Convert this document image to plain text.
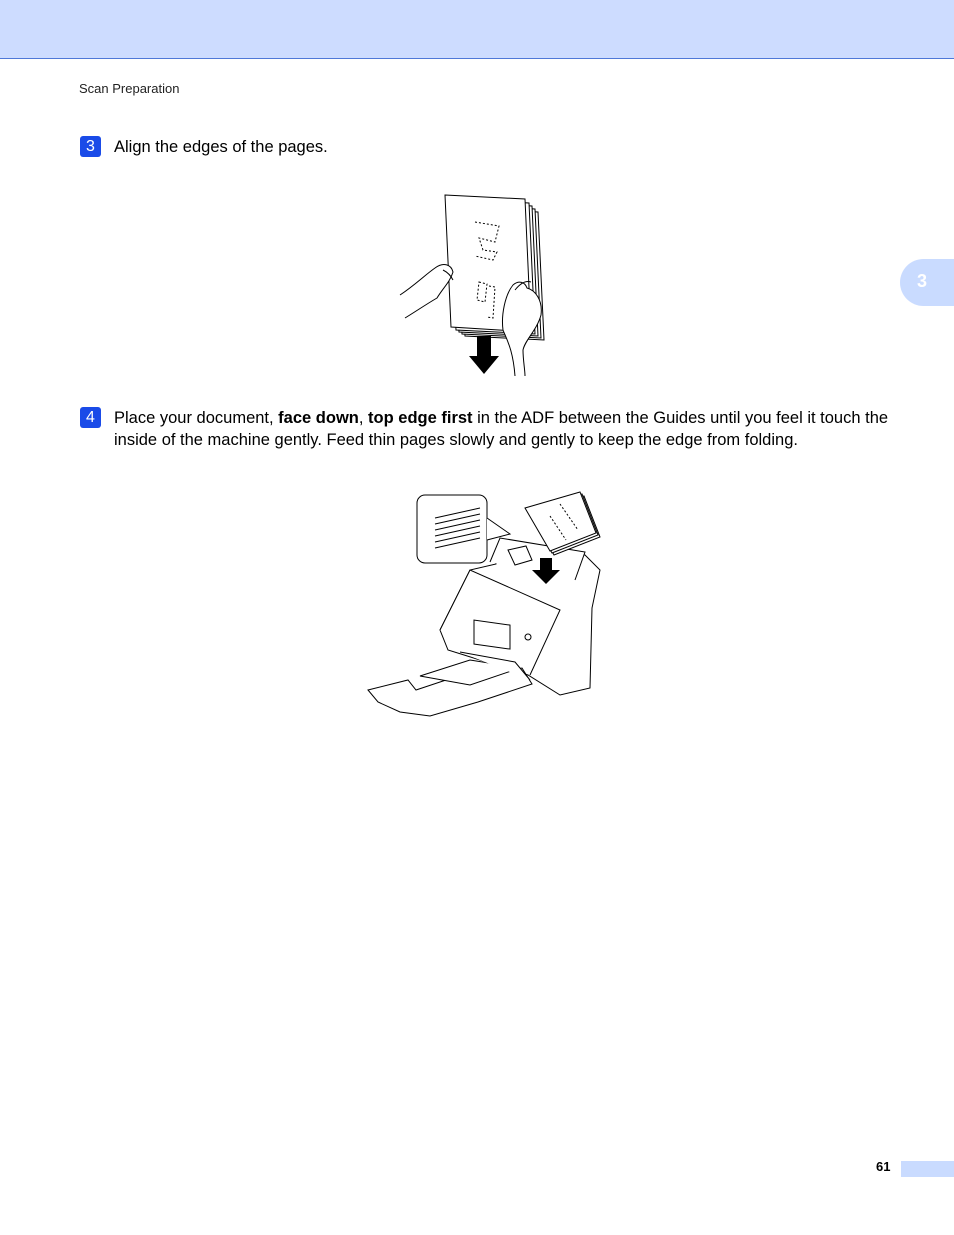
Scan Preparation
3
3	Align the edges of the pages.
4	Place your document, face down, top edge first in the ADF between the Guides until you feel it touch the inside of the machine gently. Feed thin pages slowly and gently to keep the edge from folding.
61
